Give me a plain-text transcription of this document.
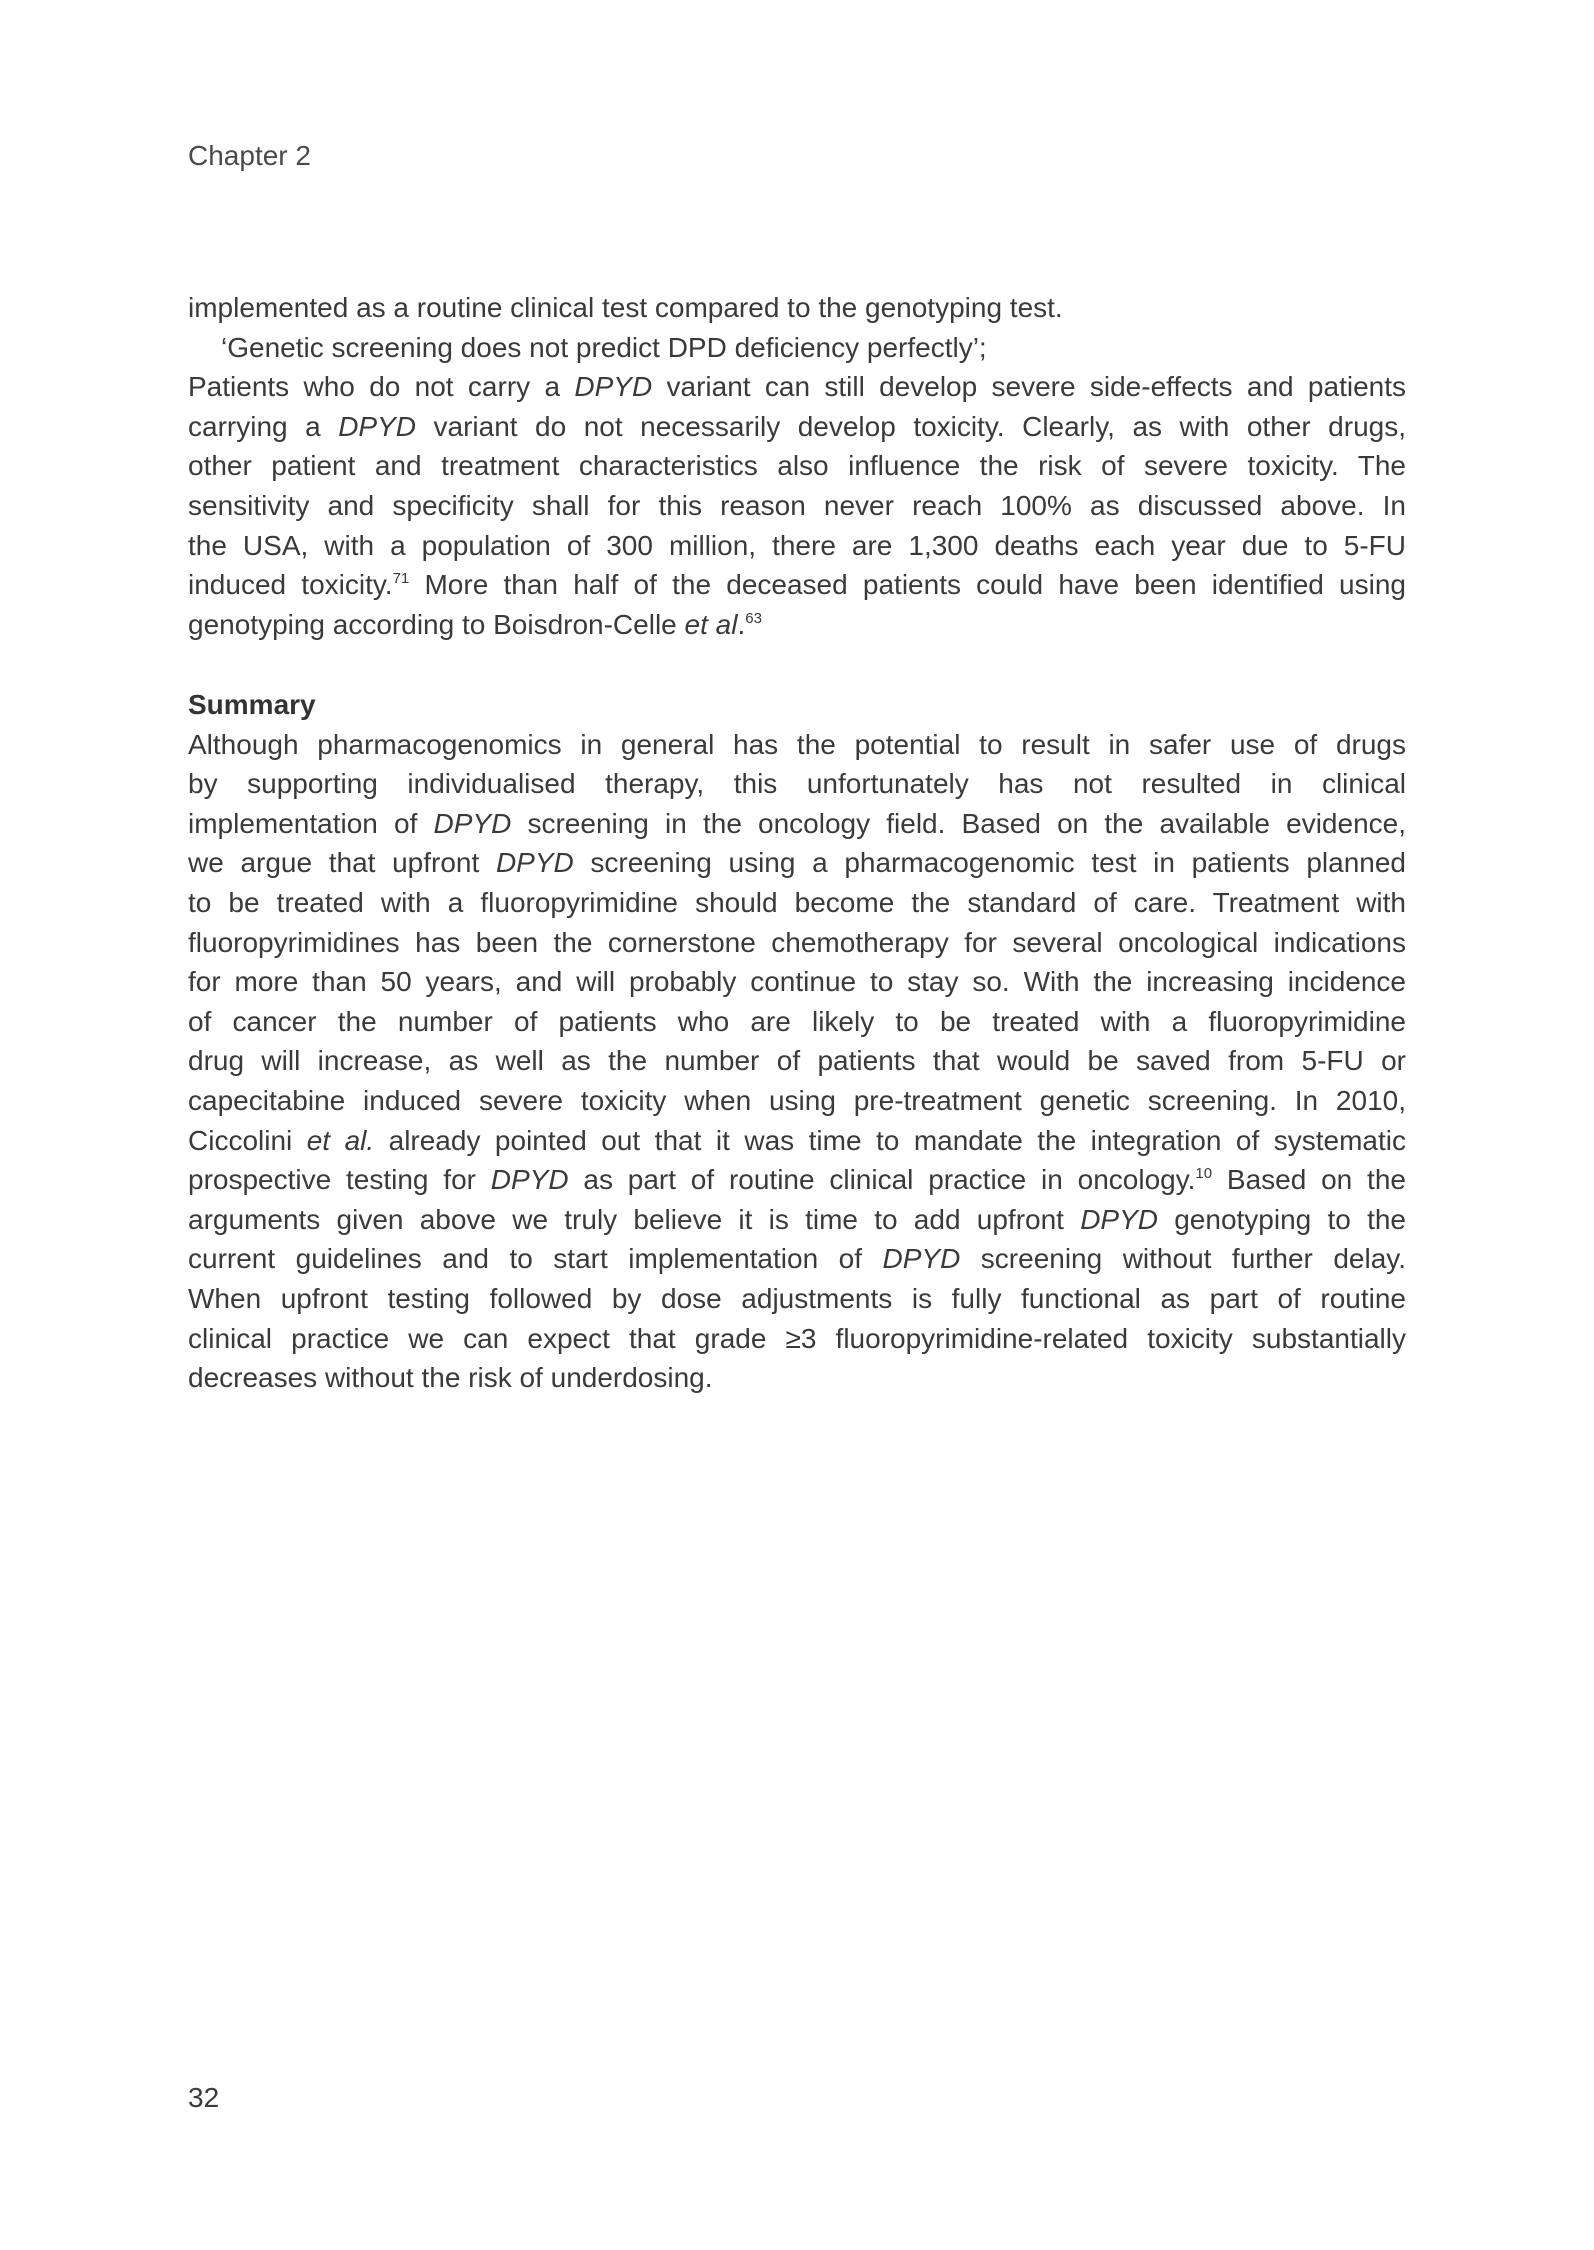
Chapter 2

implemented as a routine clinical test compared to the genotyping test.

‘Genetic screening does not predict DPD deficiency perfectly’;

Patients who do not carry a DPYD variant can still develop severe side-effects and patients

carrying a DPYD variant do not necessarily develop toxicity. Clearly, as with other drugs,

other patient and treatment characteristics also influence the risk of severe toxicity. The

sensitivity and specificity shall for this reason never reach 100% as discussed above. In

the USA, with a population of 300 million, there are 1,300 deaths each year due to 5-FU

induced toxicity.$^{71}$ More than half of the deceased patients could have been identified using

genotyping according to Boisdron-Celle et al.$^{63}$

Summary

Although pharmacogenomics in general has the potential to result in safer use of drugs

by supporting individualised therapy, this unfortunately has not resulted in clinical

implementation of DPYD screening in the oncology field. Based on the available evidence,

we argue that upfront DPYD screening using a pharmacogenomic test in patients planned

to be treated with a fluoropyrimidine should become the standard of care. Treatment with

fluoropyrimidines has been the cornerstone chemotherapy for several oncological indications

for more than 50 years, and will probably continue to stay so. With the increasing incidence

of cancer the number of patients who are likely to be treated with a fluoropyrimidine

drug will increase, as well as the number of patients that would be saved from 5-FU or

capecitabine induced severe toxicity when using pre-treatment genetic screening. In 2010,

Ciccolini et al. already pointed out that it was time to mandate the integration of systematic

prospective testing for DPYD as part of routine clinical practice in oncology.$^{10}$ Based on the

arguments given above we truly believe it is time to add upfront DPYD genotyping to the

current guidelines and to start implementation of DPYD screening without further delay.

When upfront testing followed by dose adjustments is fully functional as part of routine

clinical practice we can expect that grade ≥3 fluoropyrimidine-related toxicity substantially

decreases without the risk of underdosing.

32
